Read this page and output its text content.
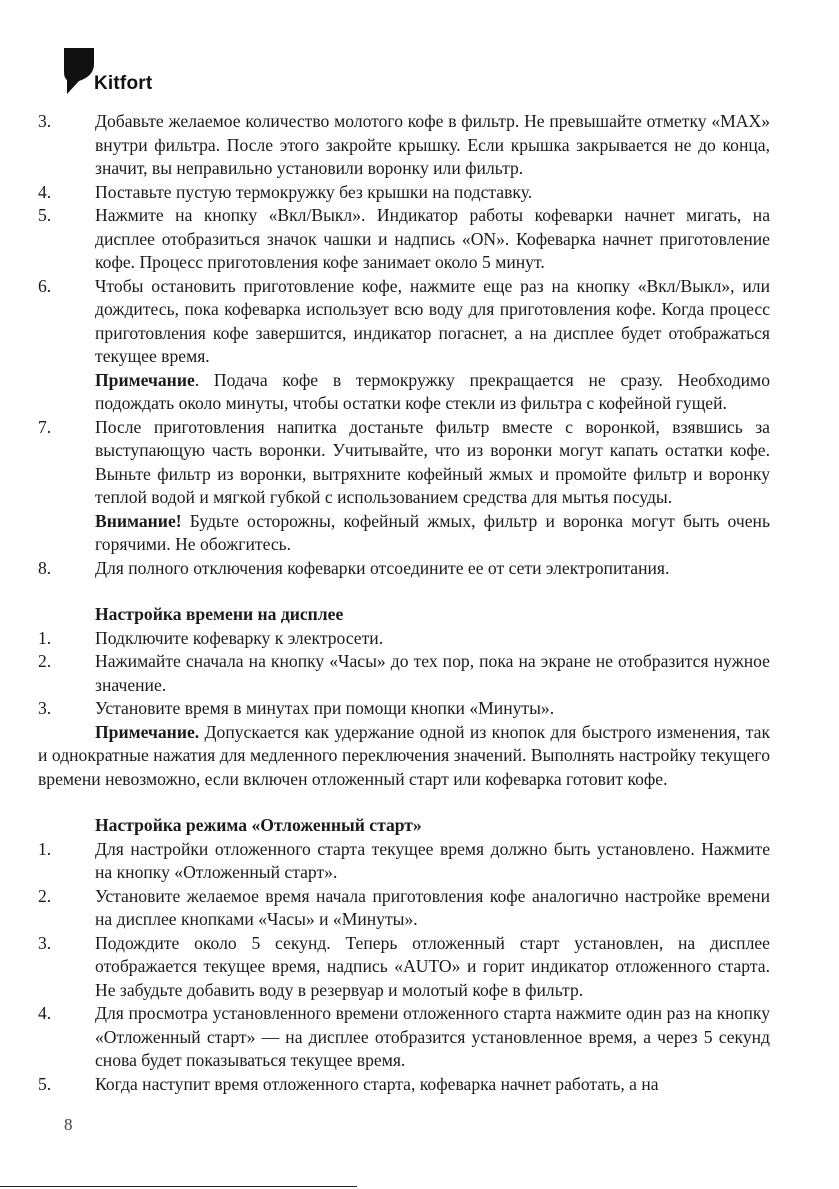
Kitfort
3. Добавьте желаемое количество молотого кофе в фильтр. Не превышайте отметку «MAX» внутри фильтра. После этого закройте крышку. Если крышка закрывается не до конца, значит, вы неправильно установили воронку или фильтр.
4. Поставьте пустую термокружку без крышки на подставку.
5. Нажмите на кнопку «Вкл/Выкл». Индикатор работы кофеварки начнет мигать, на дисплее отобразиться значок чашки и надпись «ON». Кофеварка начнет приготовление кофе. Процесс приготовления кофе занимает около 5 минут.
6. Чтобы остановить приготовление кофе, нажмите еще раз на кнопку «Вкл/Выкл», или дождитесь, пока кофеварка использует всю воду для приготовления кофе. Когда процесс приготовления кофе завершится, индикатор погаснет, а на дисплее будет отображаться текущее время.

Примечание. Подача кофе в термокружку прекращается не сразу. Необходимо подождать около минуты, чтобы остатки кофе стекли из фильтра с кофейной гущей.

7. После приготовления напитка достаньте фильтр вместе с воронкой, взявшись за выступающую часть воронки. Учитывайте, что из воронки могут капать остатки кофе. Выньте фильтр из воронки, вытряхните кофейный жмых и промойте фильтр и воронку теплой водой и мягкой губкой с использованием средства для мытья посуды.

Внимание! Будьте осторожны, кофейный жмых, фильтр и воронка могут быть очень горячими. Не обожгитесь.

8. Для полного отключения кофеварки отсоедините ее от сети электропитания.
Настройка времени на дисплее
1. Подключите кофеварку к электросети.
2. Нажимайте сначала на кнопку «Часы» до тех пор, пока на экране не отобразится нужное значение.
3. Установите время в минутах при помощи кнопки «Минуты».

Примечание. Допускается как удержание одной из кнопок для быстрого изменения, так и однократные нажатия для медленного переключения значений. Выполнять настройку текущего времени невозможно, если включен отложенный старт или кофеварка готовит кофе.

Настройка режима «Отложенный старт»
1. Для настройки отложенного старта текущее время должно быть установлено. Нажмите на кнопку «Отложенный старт».
2. Установите желаемое время начала приготовления кофе аналогично настройке времени на дисплее кнопками «Часы» и «Минуты».
3. Подождите около 5 секунд. Теперь отложенный старт установлен, на дисплее отображается текущее время, надпись «AUTO» и горит индикатор отложенного старта. Не забудьте добавить воду в резервуар и молотый кофе в фильтр.
4. Для просмотра установленного времени отложенного старта нажмите один раз на кнопку «Отложенный старт» — на дисплее отобразится установленное время, а через 5 секунд снова будет показываться текущее время.
5. Когда наступит время отложенного старта, кофеварка начнет работать, а на
8
